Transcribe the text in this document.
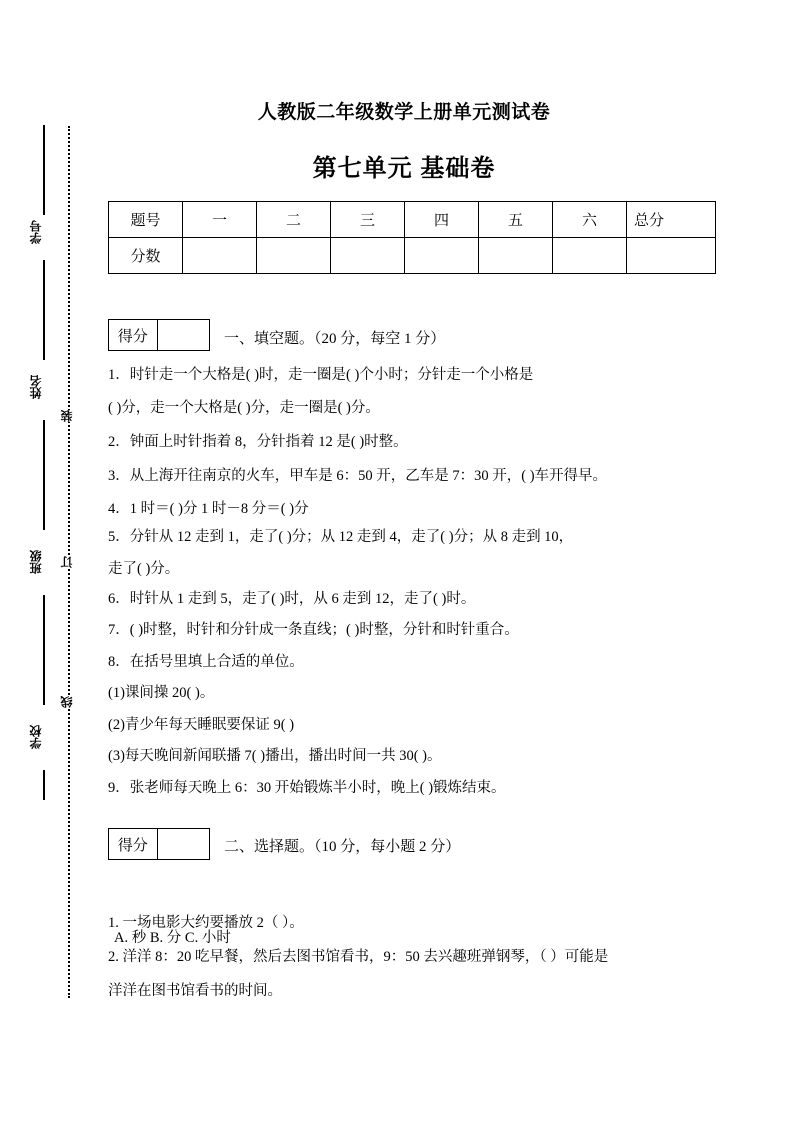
学号
姓名
班级
学校
装
订
线
人教版二年级数学上册单元测试卷
第七单元 基础卷
题号	一	二	三	四	五	六	总分
分数							
得分	一、填空题。（20 分，每空 1 分）
1．时针走一个大格是( )时，走一圈是( )个小时；分针走一个小格是
( )分，走一个大格是( )分，走一圈是( )分。
2．钟面上时针指着 8，分针指着 12 是( )时整。
3．从上海开往南京的火车，甲车是 6：50 开，乙车是 7：30 开，( )车开得早。
4．1 时＝( )分 1 时－8 分＝( )分
5．分针从 12 走到 1，走了( )分；从 12 走到 4，走了( )分；从 8 走到 10，
走了( )分。
6．时针从 1 走到 5，走了( )时，从 6 走到 12，走了( )时。
7．( )时整，时针和分针成一条直线；( )时整，分针和时针重合。
8．在括号里填上合适的单位。
(1)课间操 20( )。
(2)青少年每天睡眠要保证 9( )
(3)每天晚间新闻联播 7( )播出，播出时间一共 30( )。
9．张老师每天晚上 6：30 开始锻炼半小时，晚上( )锻炼结束。
得分	二、选择题。（10 分，每小题 2 分）
1. 一场电影大约要播放 2（ ）。
A. 秒 B. 分 C. 小时
2. 洋洋 8：20 吃早餐，然后去图书馆看书，9：50 去兴趣班弹钢琴，（ ）可能是
洋洋在图书馆看书的时间。
